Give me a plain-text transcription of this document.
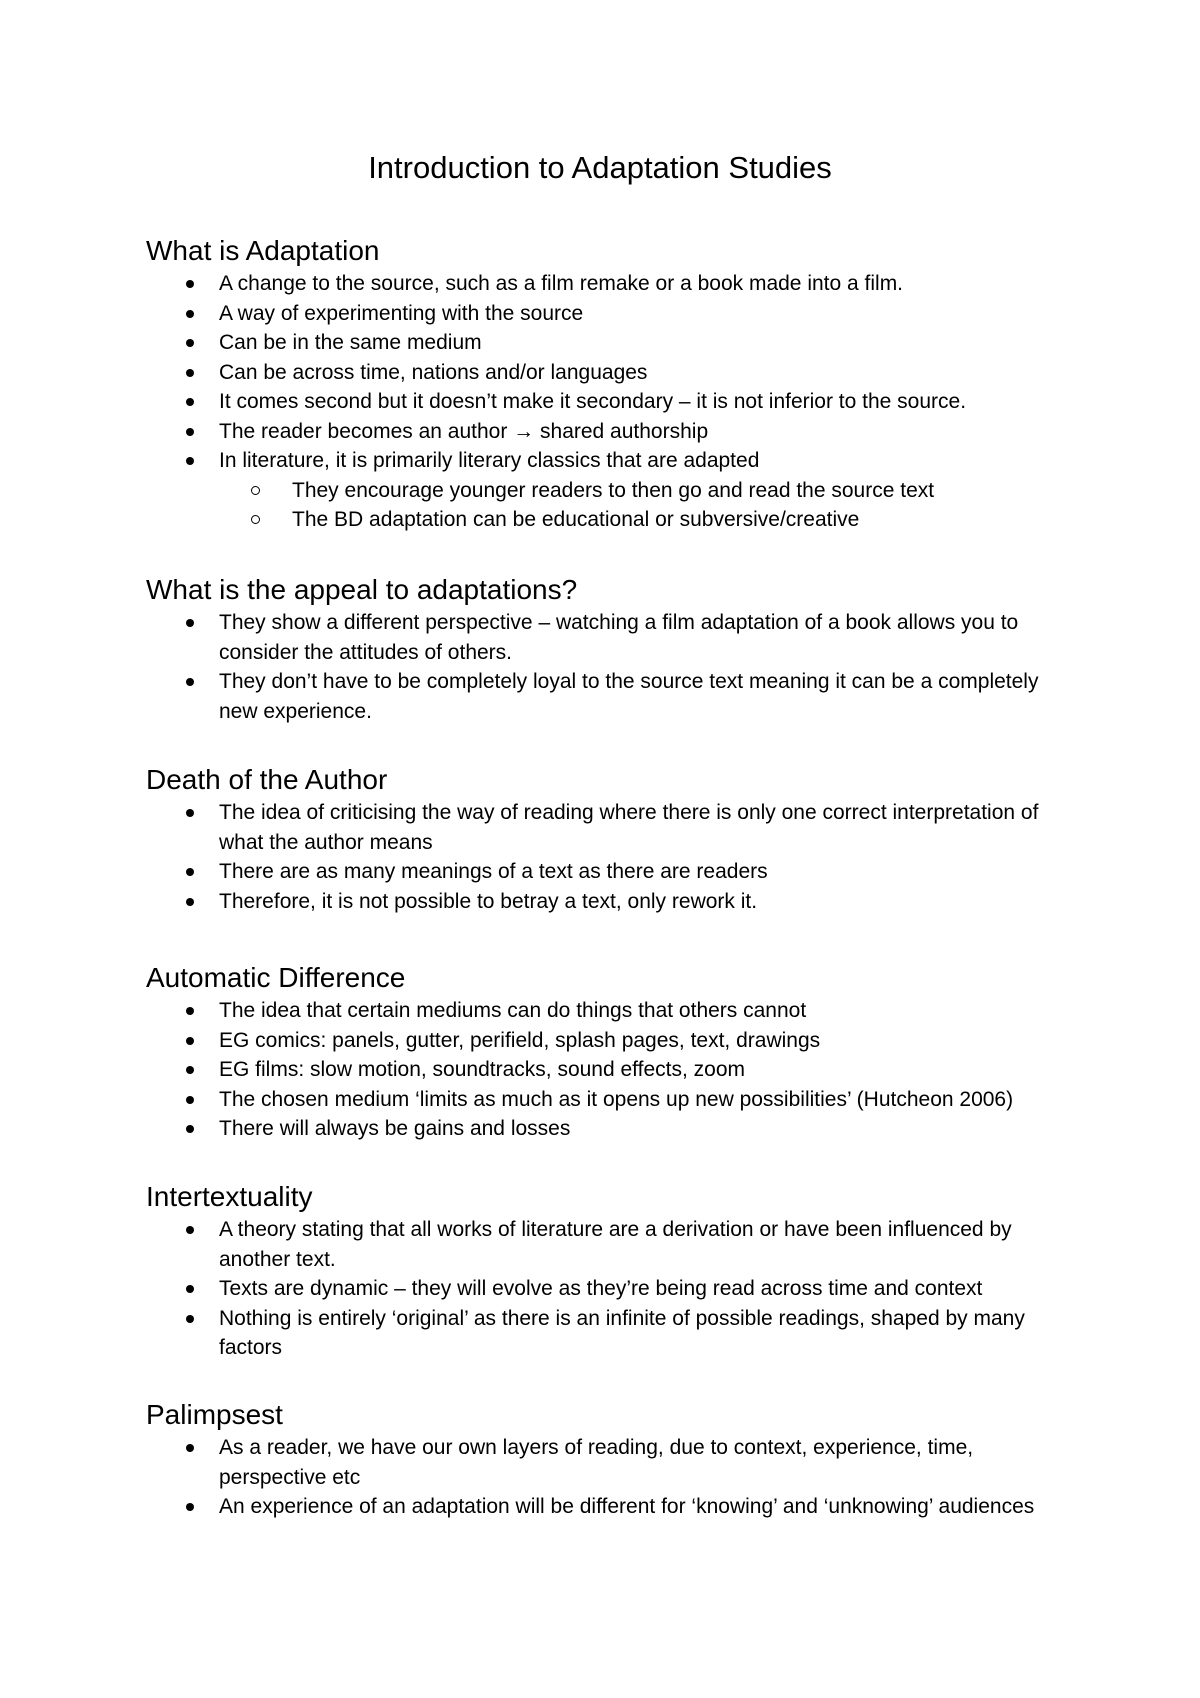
Introduction to Adaptation Studies
What is Adaptation
A change to the source, such as a film remake or a book made into a film.
A way of experimenting with the source
Can be in the same medium
Can be across time, nations and/or languages
It comes second but it doesn’t make it secondary – it is not inferior to the source.
The reader becomes an author → shared authorship
In literature, it is primarily literary classics that are adapted
They encourage younger readers to then go and read the source text
The BD adaptation can be educational or subversive/creative
What is the appeal to adaptations?
They show a different perspective – watching a film adaptation of a book allows you to consider the attitudes of others.
They don’t have to be completely loyal to the source text meaning it can be a completely new experience.
Death of the Author
The idea of criticising the way of reading where there is only one correct interpretation of what the author means
There are as many meanings of a text as there are readers
Therefore, it is not possible to betray a text, only rework it.
Automatic Difference
The idea that certain mediums can do things that others cannot
EG comics: panels, gutter, perifield, splash pages, text, drawings
EG films: slow motion, soundtracks, sound effects, zoom
The chosen medium ‘limits as much as it opens up new possibilities’ (Hutcheon 2006)
There will always be gains and losses
Intertextuality
A theory stating that all works of literature are a derivation or have been influenced by another text.
Texts are dynamic – they will evolve as they’re being read across time and context
Nothing is entirely ‘original’ as there is an infinite of possible readings, shaped by many factors
Palimpsest
As a reader, we have our own layers of reading, due to context, experience, time, perspective etc
An experience of an adaptation will be different for ‘knowing’ and ‘unknowing’ audiences
